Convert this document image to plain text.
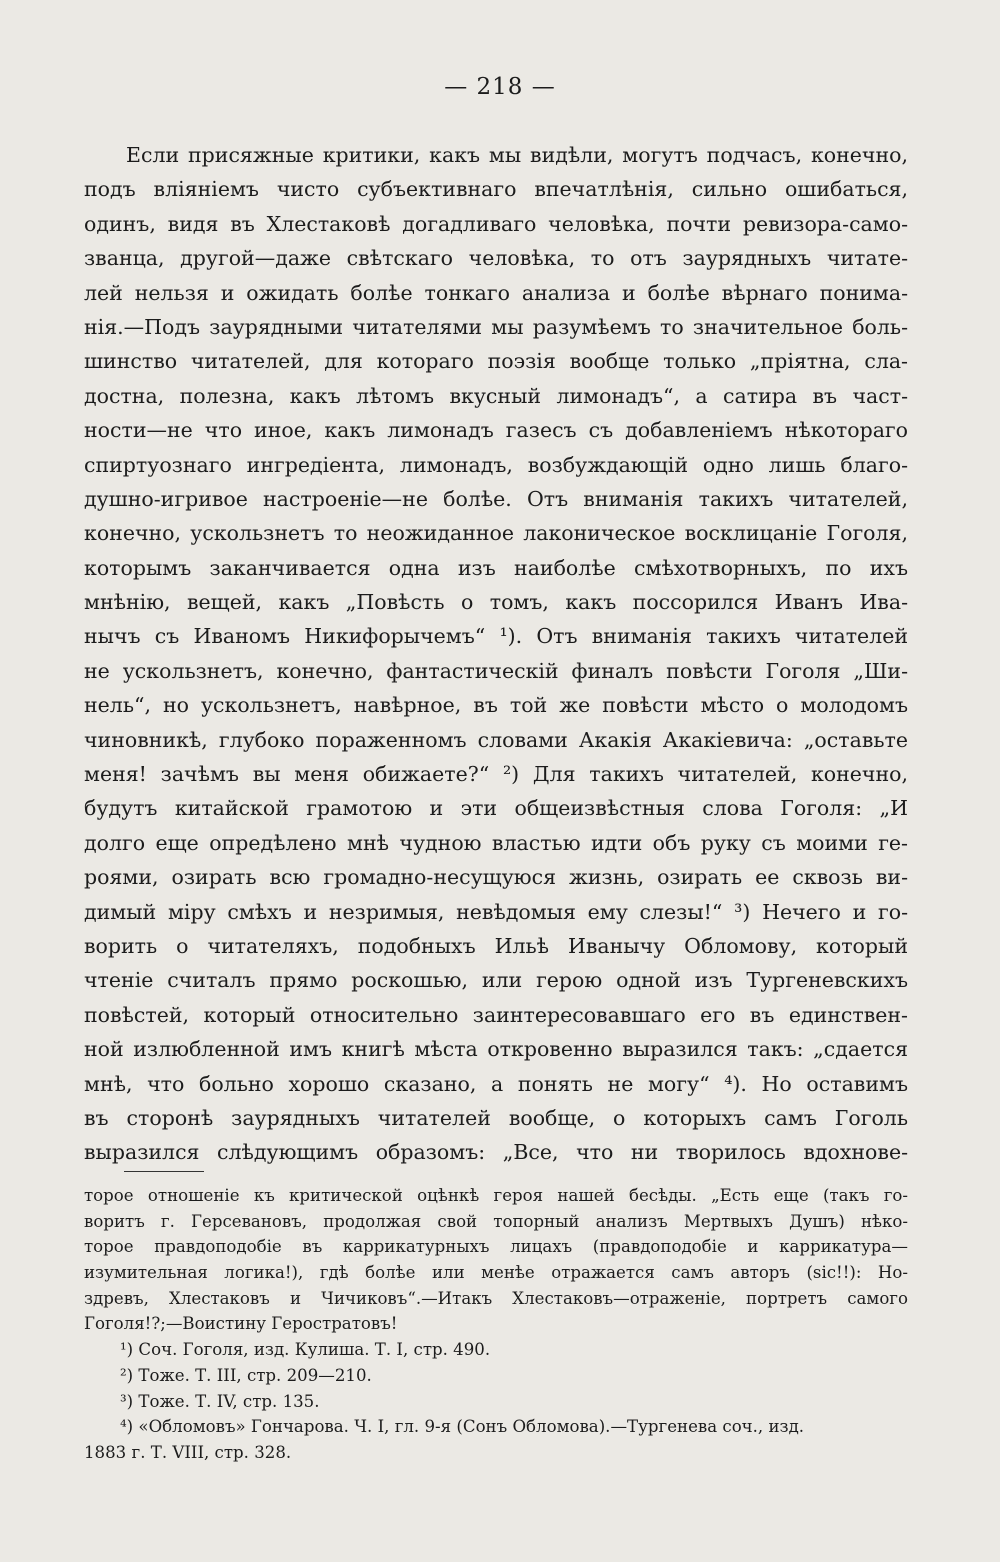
— 218 —
Если присяжные критики, какъ мы видѣли, могутъ подчасъ, конечно,
подъ вліяніемъ чисто субъективнаго впечатлѣнія, сильно ошибаться,
одинъ, видя въ Хлестаковѣ догадливаго человѣка, почти ревизора-само-
званца, другой—даже свѣтскаго человѣка, то отъ заурядныхъ читате-
лей нельзя и ожидать болѣе тонкаго анализа и болѣе вѣрнаго понима-
нія.—Подъ заурядными читателями мы разумѣемъ то значительное боль-
шинство читателей, для котораго поэзія вообще только „пріятна, сла-
достна, полезна, какъ лѣтомъ вкусный лимонадъ“, а сатира въ част-
ности—не что иное, какъ лимонадъ газесъ съ добавленіемъ нѣкотораго
спиртуознаго ингредіента, лимонадъ, возбуждающій одно лишь благо-
душно-игривое настроеніе—не болѣе. Отъ вниманія такихъ читателей,
конечно, ускользнетъ то неожиданное лаконическое восклицаніе Гоголя,
которымъ заканчивается одна изъ наиболѣе смѣхотворныхъ, по ихъ
мнѣнію, вещей, какъ „Повѣсть о томъ, какъ поссорился Иванъ Ива-
нычъ съ Иваномъ Никифорычемъ“ ¹). Отъ вниманія такихъ читателей
не ускользнетъ, конечно, фантастическій финалъ повѣсти Гоголя „Ши-
нель“, но ускользнетъ, навѣрное, въ той же повѣсти мѣсто о молодомъ
чиновникѣ, глубоко пораженномъ словами Акакія Акакіевича: „оставьте
меня! зачѣмъ вы меня обижаете?“ ²) Для такихъ читателей, конечно,
будутъ китайской грамотою и эти общеизвѣстныя слова Гоголя: „И
долго еще опредѣлено мнѣ чудною властью идти объ руку съ моими ге-
роями, озирать всю громадно-несущуюся жизнь, озирать ее сквозь ви-
димый міру смѣхъ и незримыя, невѣдомыя ему слезы!“ ³) Нечего и го-
ворить о читателяхъ, подобныхъ Ильѣ Иванычу Обломову, который
чтеніе считалъ прямо роскошью, или герою одной изъ Тургеневскихъ
повѣстей, который относительно заинтересовавшаго его въ единствен-
ной излюбленной имъ книгѣ мѣста откровенно выразился такъ: „сдается
мнѣ, что больно хорошо сказано, а понять не могу“ ⁴). Но оставимъ
въ сторонѣ заурядныхъ читателей вообще, о которыхъ самъ Гоголь
выразился слѣдующимъ образомъ: „Все, что ни творилось вдохнове-
торое отношеніе къ критической оцѣнкѣ героя нашей бесѣды. „Есть еще (такъ го-
воритъ г. Герсевановъ, продолжая свой топорный анализъ Мертвыхъ Душъ) нѣко-
торое правдоподобіе въ каррикатурныхъ лицахъ (правдоподобіе и каррикатура—
изумительная логика!), гдѣ болѣе или менѣе отражается самъ авторъ (sic!!): Но-
здревъ, Хлестаковъ и Чичиковъ“.—Итакъ Хлестаковъ—отраженіе, портретъ самого
Гоголя!?;—Воистину Геростратовъ!
¹) Соч. Гоголя, изд. Кулиша. Т. I, стр. 490.
²) Тоже. Т. III, стр. 209—210.
³) Тоже. Т. IV, стр. 135.
⁴) «Обломовъ» Гончарова. Ч. I, гл. 9-я (Сонъ Обломова).—Тургенева соч., изд.
1883 г. Т. VIII, стр. 328.
